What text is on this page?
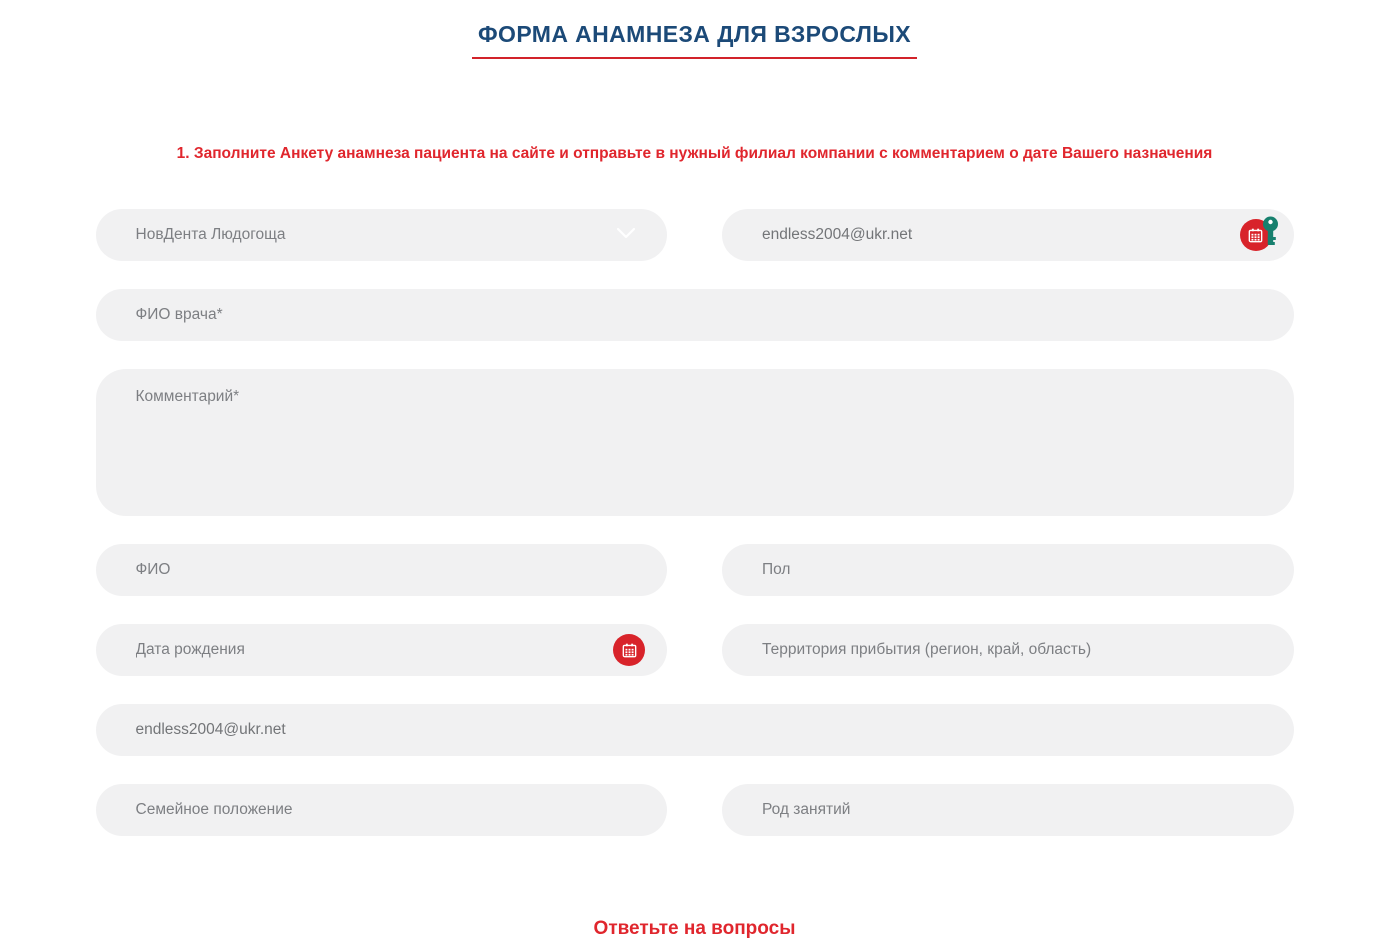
ФОРМА АНАМНЕЗА ДЛЯ ВЗРОСЛЫХ

1. Заполните Анкету анамнеза пациента на сайте и отправьте в нужный филиал компании с комментарием о дате Вашего назначения

НовДента Людогоща
endless2004@ukr.net
ФИО врача*
Комментарий*
ФИО
Пол
Дата рождения
Территория прибытия (регион, край, область)
endless2004@ukr.net
Семейное положение
Род занятий
Ответьте на вопросы
